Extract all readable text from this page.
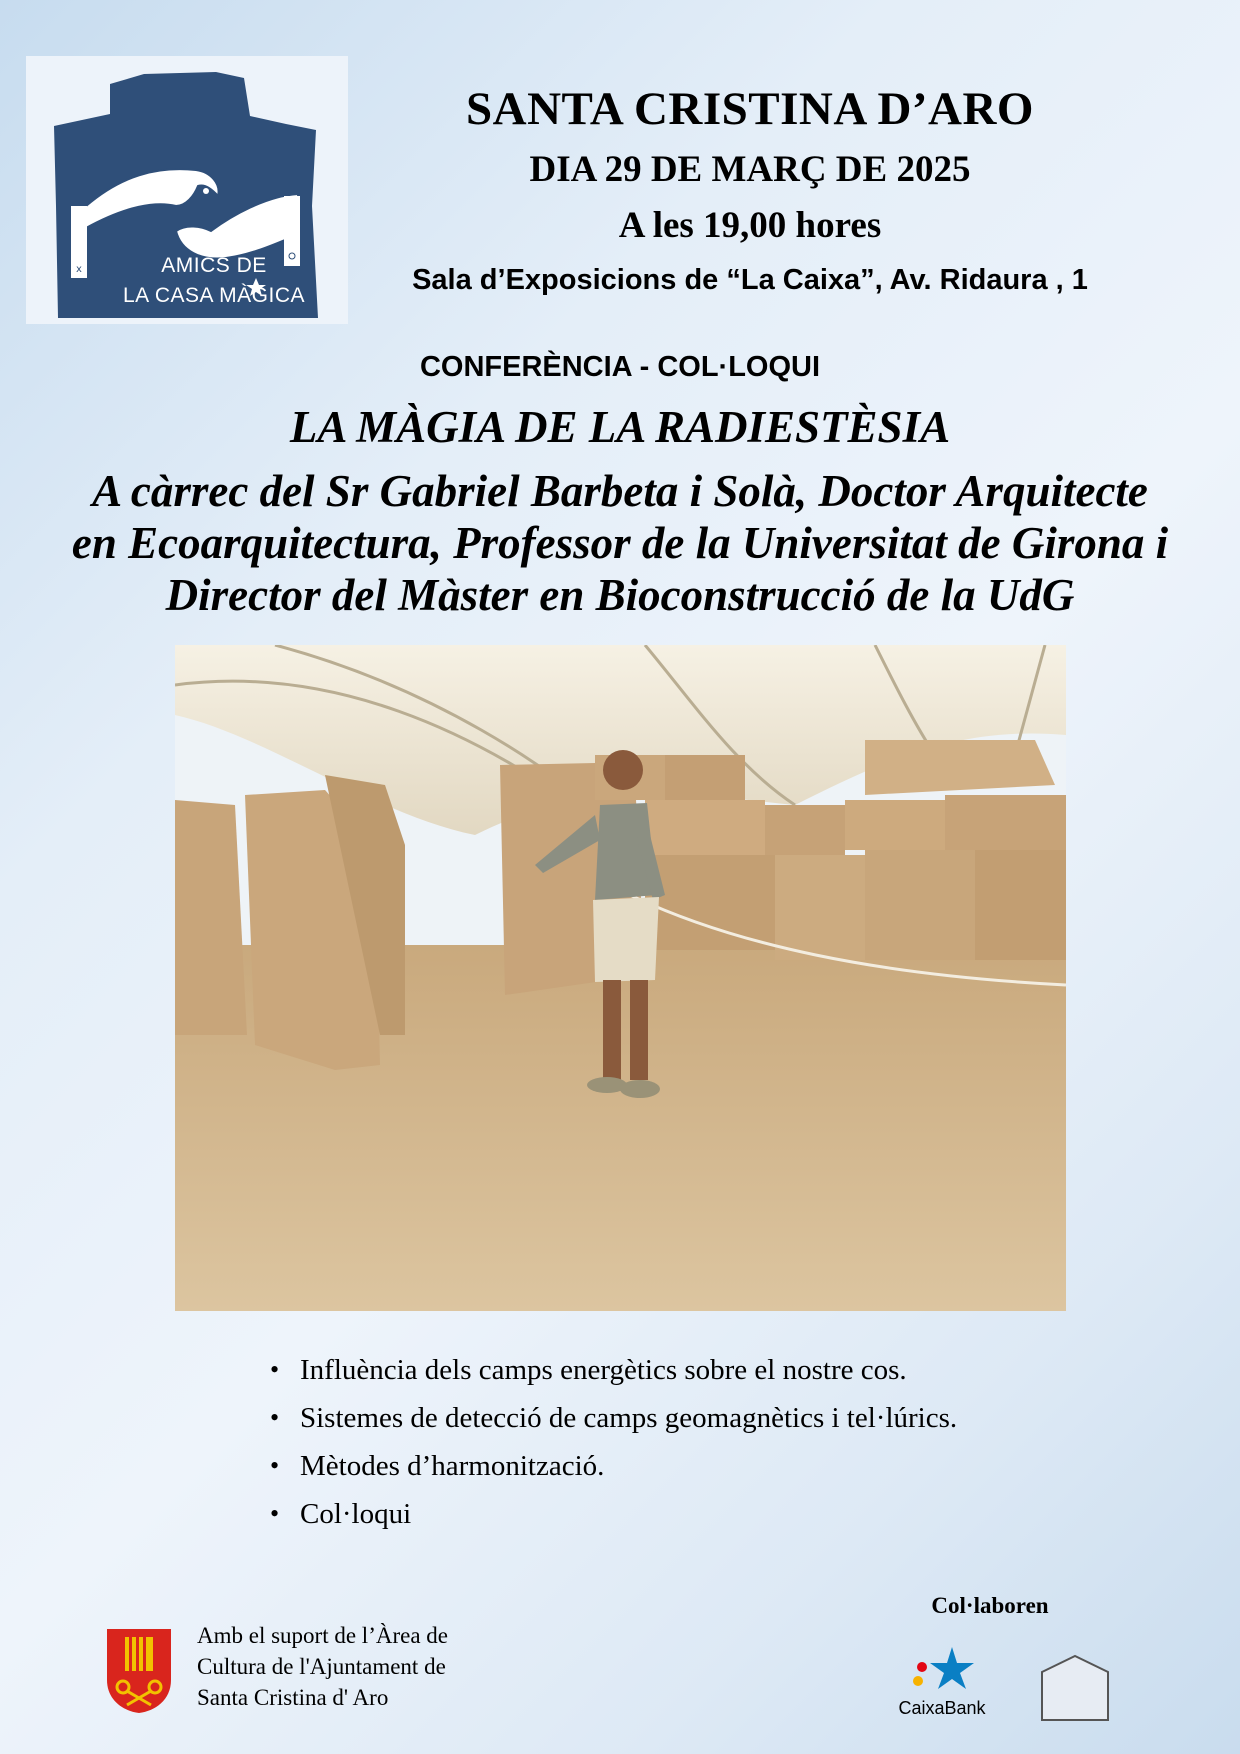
x	AMICS DE
LA CASA MÀGICA
SANTA CRISTINA D’ARO
DIA 29 DE MARÇ DE 2025
A les 19,00 hores
Sala d’Exposicions de “La Caixa”, Av. Ridaura , 1
CONFERÈNCIA - COL·LOQUI
LA MÀGIA DE LA RADIESTÈSIA
A càrrec del Sr Gabriel Barbeta i Solà, Doctor Arquitecte
en Ecoarquitectura, Professor de la Universitat de Girona i
Director del Màster en Bioconstrucció de la UdG
• Influència dels camps energètics sobre el nostre cos.
• Sistemes de detecció de camps geomagnètics i tel·lúrics.
• Mètodes d’harmonització.
• Col·loqui
Amb el suport de l’Àrea de
Cultura de l'Ajuntament de
Santa Cristina d' Aro
Col·laboren
CaixaBank
